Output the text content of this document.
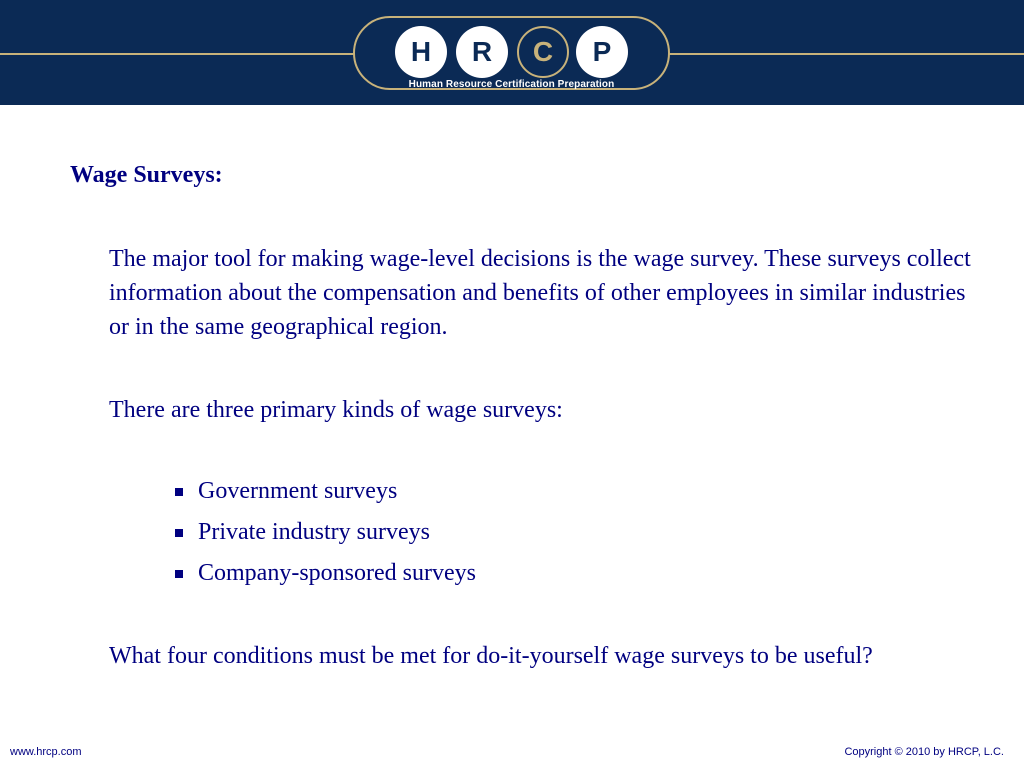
H	R	C	P
Human Resource Certification Preparation
Wage Surveys:
The major tool for making wage-level decisions is the wage survey. These surveys collect information about the compensation and benefits of other employees in similar industries or in the same geographical region.
There are three primary kinds of wage surveys:
Government surveys
Private industry surveys
Company-sponsored surveys
What four conditions must be met for do-it-yourself wage surveys to be useful?
www.hrcp.com	Copyright © 2010 by HRCP, L.C.
